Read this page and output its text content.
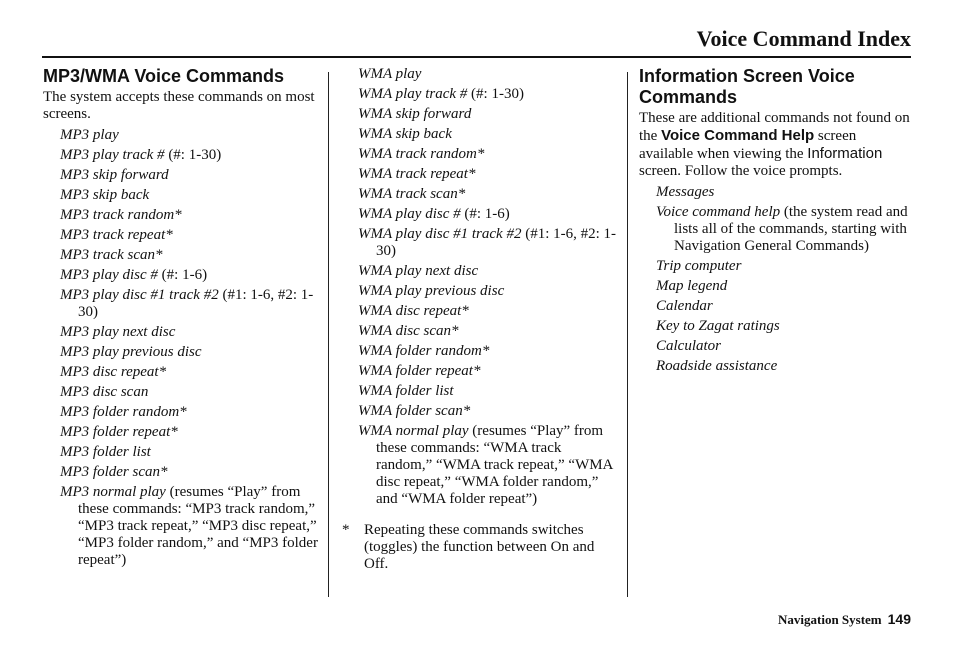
Voice Command Index
MP3/WMA Voice Commands
The system accepts these commands on most screens.
MP3 play
MP3 play track # (#: 1-30)
MP3 skip forward
MP3 skip back
MP3 track random*
MP3 track repeat*
MP3 track scan*
MP3 play disc # (#: 1-6)
MP3 play disc #1 track #2 (#1: 1-6, #2: 1-30)
MP3 play next disc
MP3 play previous disc
MP3 disc repeat*
MP3 disc scan
MP3 folder random*
MP3 folder repeat*
MP3 folder list
MP3 folder scan*
MP3 normal play (resumes “Play” from these commands: “MP3 track random,” “MP3 track repeat,” “MP3 disc repeat,” “MP3 folder random,” and “MP3 folder repeat”)
WMA play
WMA play track # (#: 1-30)
WMA skip forward
WMA skip back
WMA track random*
WMA track repeat*
WMA track scan*
WMA play disc # (#: 1-6)
WMA play disc #1 track #2 (#1: 1-6, #2: 1-30)
WMA play next disc
WMA play previous disc
WMA disc repeat*
WMA disc scan*
WMA folder random*
WMA folder repeat*
WMA folder list
WMA folder scan*
WMA normal play (resumes “Play” from these commands: “WMA track random,” “WMA track repeat,” “WMA disc repeat,” “WMA folder random,” and “WMA folder repeat”)
* Repeating these commands switches (toggles) the function between On and Off.
Information Screen Voice Commands
These are additional commands not found on the Voice Command Help screen available when viewing the Information screen. Follow the voice prompts.
Messages
Voice command help (the system read and lists all of the commands, starting with Navigation General Commands)
Trip computer
Map legend
Calendar
Key to Zagat ratings
Calculator
Roadside assistance
Navigation System 149
